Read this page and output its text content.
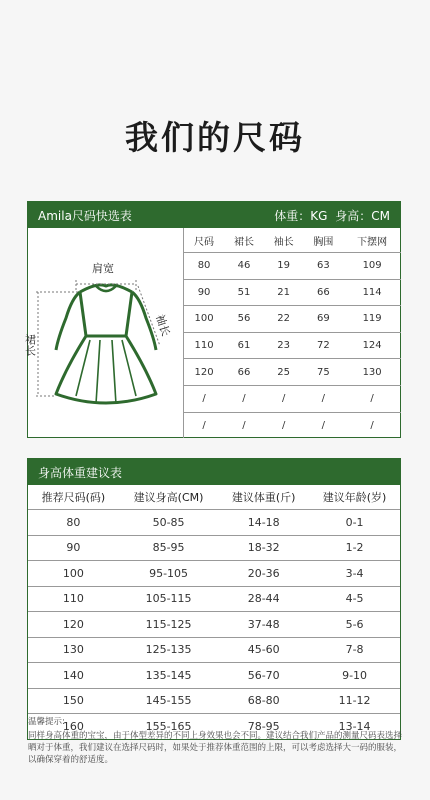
我们的尺码
Amila尺码快选表	体重：KG 身高：CM
肩宽
袖长
裙长
尺码	裙长	袖长	胸围	下摆网
80	46	19	63	109
90	51	21	66	114
100	56	22	69	119
110	61	23	72	124
120	66	25	75	130
/	/	/	/	/
/	/	/	/	/
身高体重建议表
推荐尺码(码)	建议身高(CM)	建议体重(斤)	建议年龄(岁)
80	50-85	14-18	0-1
90	85-95	18-32	1-2
100	95-105	20-36	3-4
110	105-115	28-44	4-5
120	115-125	37-48	5-6
130	125-135	45-60	7-8
140	135-145	56-70	9-10
150	145-155	68-80	11-12
160	155-165	78-95	13-14
温馨提示:
同样身高体重的宝宝，由于体型差异的不同上身效果也会不同。建议结合我们产品的测量尺码表选择晒对于体重，我们建议在选择尺码时，如果处于推荐体重范围的上限，可以考虑选择大一码的服装，以确保穿着的舒适度。
